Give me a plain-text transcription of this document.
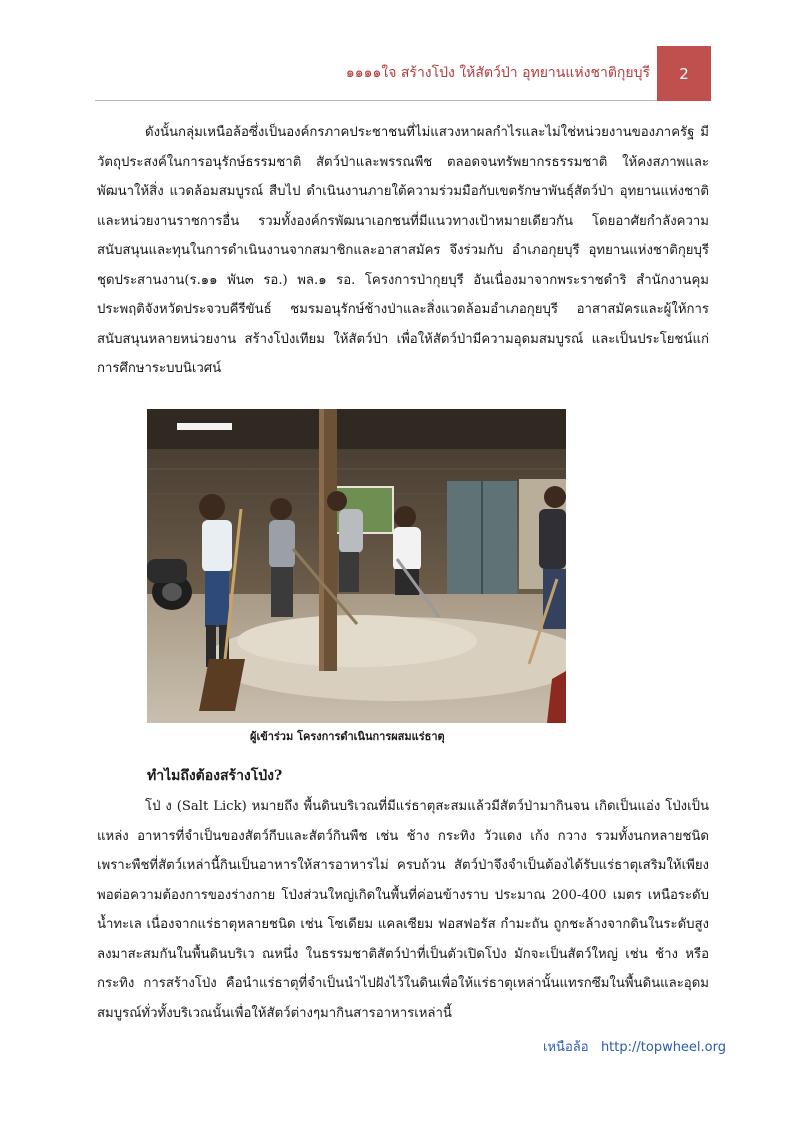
๑๑๑๑ใจ สร้างโป่ง ให้สัตว์ป่า อุทยานแห่งชาติกุยบุรี 2

ดังนั้นกลุ่มเหนือล้อซึ่งเป็นองค์กรภาคประชาชนที่ไม่แสวงหาผลกำไรและไม่ใช่หน่วยงานของภาครัฐ มีวัตถุประสงค์ในการอนุรักษ์ธรรมชาติ สัตว์ป่าและพรรณพืช ตลอดจนทรัพยากรธรรมชาติ ให้คงสภาพและพัฒนาให้สิ่ง แวดล้อมสมบูรณ์ สืบไป ดำเนินงานภายใต้ความร่วมมือกับเขตรักษาพันธุ์สัตว์ป่า อุทยานแห่งชาติ และหน่วยงานราชการอื่น รวมทั้งองค์กรพัฒนาเอกชนที่มีแนวทางเป้าหมายเดียวกัน โดยอาศัยกำลังความสนับสนุนและทุนในการดำเนินงานจากสมาชิกและอาสาสมัคร จึงร่วมกับ อำเภอกุยบุรี อุทยานแห่งชาติกุยบุรี ชุดประสานงาน(ร.๑๑ พัน๓ รอ.) พล.๑ รอ. โครงการป่ากุยบุรี อันเนื่องมาจากพระราชดำริ สำนักงานคุมประพฤติจังหวัดประจวบคีรีขันธ์ ชมรมอนุรักษ์ช้างป่าและสิ่งแวดล้อมอำเภอกุยบุรี อาสาสมัครและผู้ให้การสนับสนุนหลายหน่วยงาน สร้างโป่งเทียม ให้สัตว์ป่า เพื่อให้สัตว์ป่ามีความอุดมสมบูรณ์ และเป็นประโยชน์แก่การศึกษาระบบนิเวศน์

ผู้เข้าร่วม โครงการดำเนินการผสมแร่ธาตุ
ทำไมถึงต้องสร้างโป่ง?

โป่ ง (Salt Lick) หมายถึง พื้นดินบริเวณที่มีแร่ธาตุสะสมแล้วมีสัตว์ป่ามากินจน เกิดเป็นแอ่ง โป่งเป็นแหล่ง อาหารที่จำเป็นของสัตว์กีบและสัตว์กินพืช เช่น ช้าง กระทิง วัวแดง เก้ง กวาง รวมทั้งนกหลายชนิด เพราะพืชที่สัตว์เหล่านี้กินเป็นอาหารให้สารอาหารไม่ ครบถ้วน สัตว์ป่าจึงจำเป็นต้องได้รับแร่ธาตุเสริมให้เพียงพอต่อความต้องการของร่างกาย โป่งส่วนใหญ่เกิดในพื้นที่ค่อนข้างราบ ประมาณ 200-400 เมตร เหนือระดับ น้ำทะเล เนื่องจากแร่ธาตุหลายชนิด เช่น โซเดียม แคลเซียม ฟอสฟอรัส กำมะถัน ถูกชะล้างจากดินในระดับสูงลงมาสะสมกันในพื้นดินบริเว ณหนึ่ง ในธรรมชาติสัตว์ป่าที่เป็นตัวเปิดโป่ง มักจะเป็นสัตว์ใหญ่ เช่น ช้าง หรือ กระทิง การสร้างโป่ง คือนำแร่ธาตุที่จำเป็นนำไปฝังไว้ในดินเพื่อให้แร่ธาตุเหล่านั้นแทรกซึมในพื้นดินและอุดมสมบูรณ์ทั่วทั้งบริเวณนั้นเพื่อให้สัตว์ต่างๆมากินสารอาหารเหล่านี้

เหนือล้อ http://topwheel.org
